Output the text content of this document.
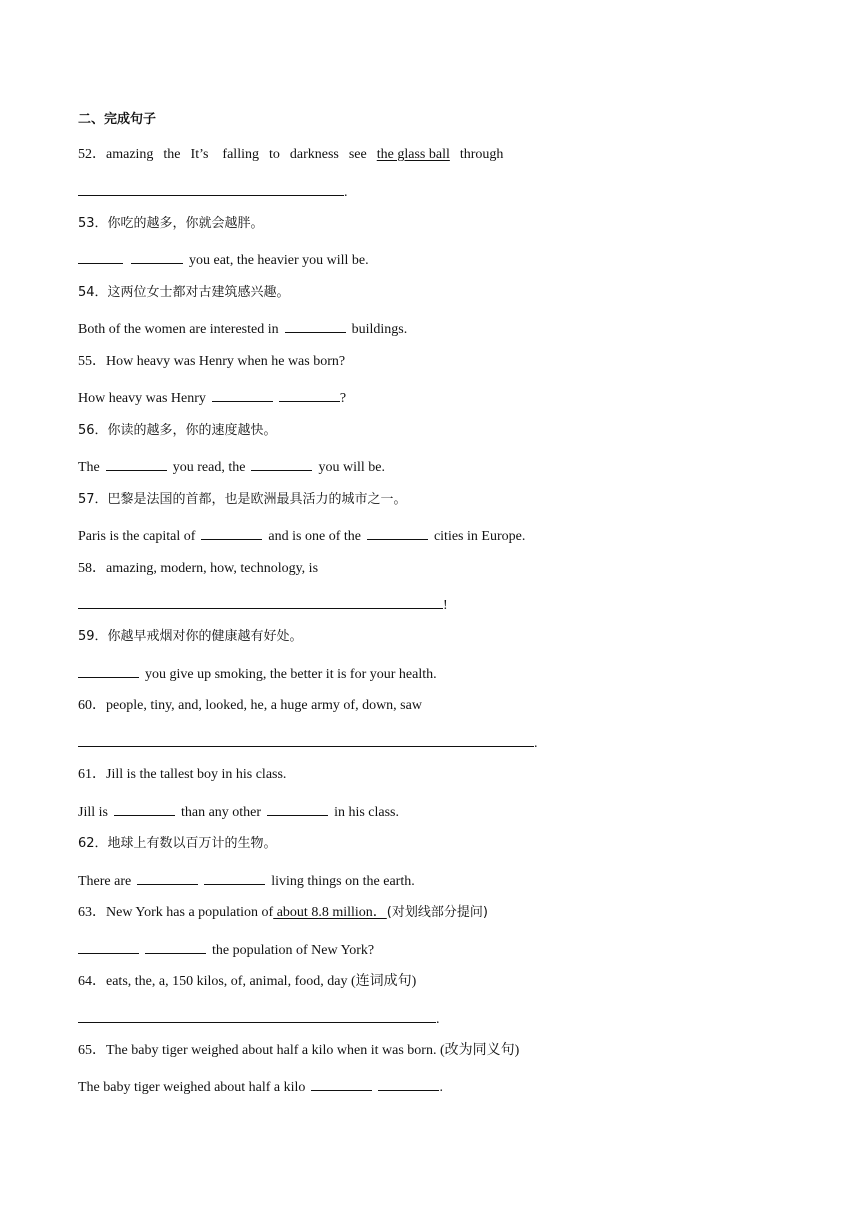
二、完成句子
52．amazing the It’s falling to darkness see the glass ball through
.
53．你吃的越多，你就会越胖。
you eat, the heavier you will be.
54．这两位女士都对古建筑感兴趣。
Both of the women are interested in	buildings.
55．How heavy was Henry when he was born?
How heavy was Henry	?
56．你读的越多，你的速度越快。
The	you read, the	you will be.
57．巴黎是法国的首都，也是欧洲最具活力的城市之一。
Paris is the capital of	and is one of the	cities in Europe.
58．amazing, modern, how, technology, is
!
59．你越早戒烟对你的健康越有好处。
you give up smoking, the better it is for your health.
60．people, tiny, and, looked, he, a huge army of, down, saw
.
61．Jill is the tallest boy in his class.
Jill is	than any other	in his class.
62．地球上有数以百万计的生物。
There are	living things on the earth.
63．New York has a population of about 8.8 million．(对划线部分提问)
the population of New York?
64．eats, the, a, 150 kilos, of, animal, food, day (连词成句)
.
65．The baby tiger weighed about half a kilo when it was born. (改为同义句)
The baby tiger weighed about half a kilo	.
